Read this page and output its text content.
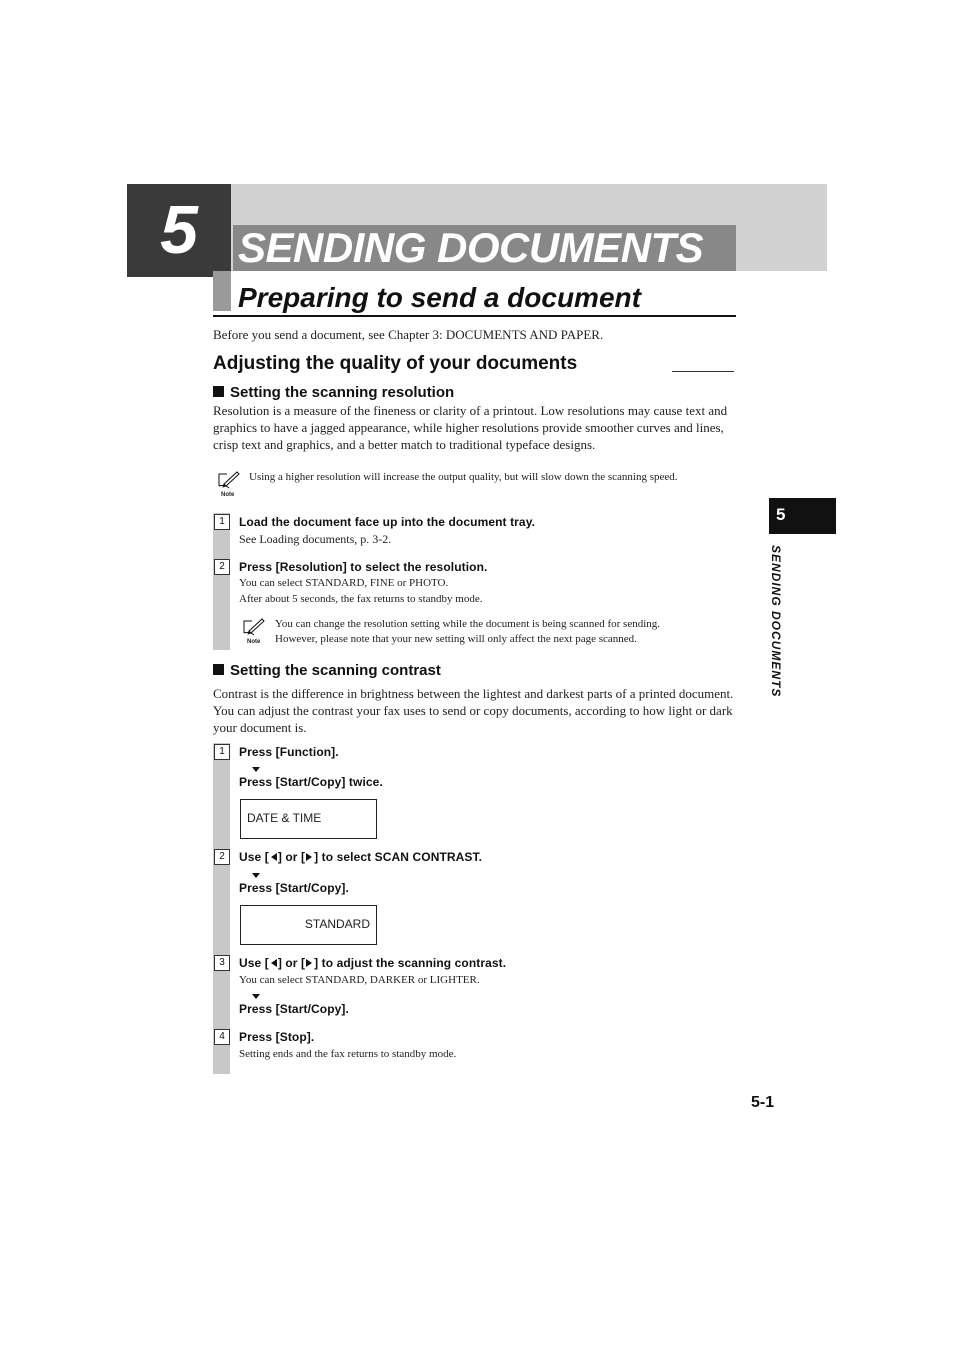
5 SENDING DOCUMENTS
Preparing to send a document
Before you send a document, see Chapter 3: DOCUMENTS AND PAPER.
Adjusting the quality of your documents
Setting the scanning resolution
Resolution is a measure of the fineness or clarity of a printout. Low resolutions may cause text and graphics to have a jagged appearance, while higher resolutions provide smoother curves and lines, crisp text and graphics, and a better match to traditional typeface designs.
Note
Using a higher resolution will increase the output quality, but will slow down the scanning speed.
1	Load the document face up into the document tray.
See Loading documents, p. 3-2.
2	Press [Resolution] to select the resolution.
You can select STANDARD, FINE or PHOTO.
After about 5 seconds, the fax returns to standby mode.
Note
You can change the resolution setting while the document is being scanned for sending.
However, please note that your new setting will only affect the next page scanned.
Setting the scanning contrast
Contrast is the difference in brightness between the lightest and darkest parts of a printed document. You can adjust the contrast your fax uses to send or copy documents, according to how light or dark your document is.
1	Press [Function].
Press [Start/Copy] twice.
DATE & TIME
2	Use [ ] or [ ] to select SCAN CONTRAST.
Press [Start/Copy].
STANDARD
3	Use [ ] or [ ] to adjust the scanning contrast.
You can select STANDARD, DARKER or LIGHTER.
Press [Start/Copy].
4	Press [Stop].
Setting ends and the fax returns to standby mode.
5
SENDING DOCUMENTS
5-1
